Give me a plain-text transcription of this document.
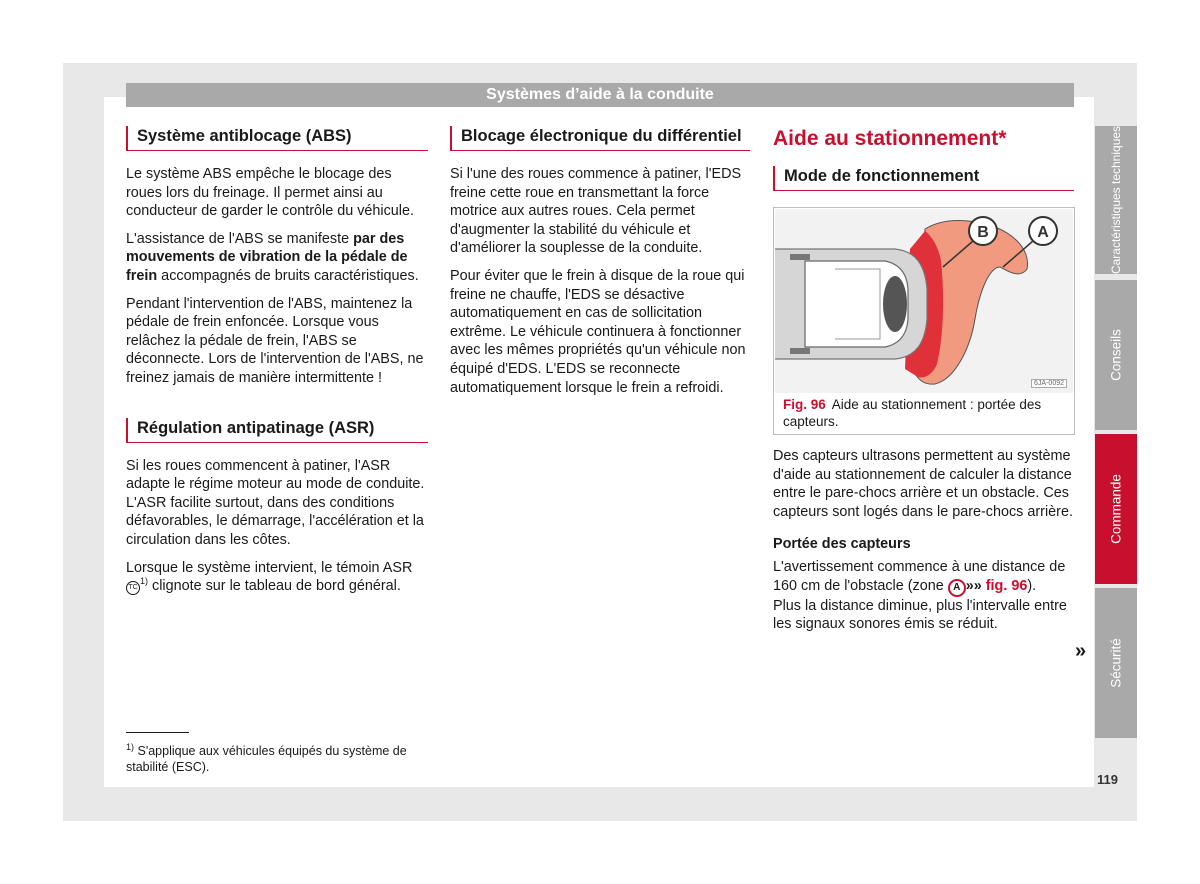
Systèmes d’aide à la conduite
Système antiblocage (ABS)

Le système ABS empêche le blocage des roues lors du freinage. Il permet ainsi au conducteur de garder le contrôle du véhicule.

L'assistance de l'ABS se manifeste par des mouvements de vibration de la pédale de frein accompagnés de bruits caractéristiques.

Pendant l'intervention de l'ABS, maintenez la pédale de frein enfoncée. Lorsque vous relâchez la pédale de frein, l'ABS se déconnecte. Lors de l'intervention de l'ABS, ne freinez jamais de manière intermittente !

Régulation antipatinage (ASR)

Si les roues commencent à patiner, l'ASR adapte le régime moteur au mode de conduite. L'ASR facilite surtout, dans des conditions défavorables, le démarrage, l'accélération et la circulation dans les côtes.

Lorsque le système intervient, le témoin ASR TC$^{1)}$ clignote sur le tableau de bord général.

$^{1)}$ S'applique aux véhicules équipés du système de stabilité (ESC).
Blocage électronique du différentiel

Si l'une des roues commence à patiner, l'EDS freine cette roue en transmettant la force motrice aux autres roues. Cela permet d'augmenter la stabilité du véhicule et d'améliorer la souplesse de la conduite.

Pour éviter que le frein à disque de la roue qui freine ne chauffe, l'EDS se désactive automatiquement en cas de sollicitation extrême. Le véhicule continuera à fonctionner avec les mêmes propriétés qu'un véhicule non équipé d'EDS. L'EDS se reconnecte automatiquement lorsque le frein a refroidi.

Aide au stationnement*
Mode de fonctionnement
B	A
6JA-0092
Fig. 96 Aide au stationnement : portée des capteurs.

Des capteurs ultrasons permettent au système d'aide au stationnement de calculer la distance entre le pare-chocs arrière et un obstacle. Ces capteurs sont logés dans le pare-chocs arrière.

Portée des capteurs

L'avertissement commence à une distance de 160 cm de l'obstacle (zone A »» fig. 96).

Plus la distance diminue, plus l'intervalle entre les signaux sonores émis se réduit.

»
Caractéristiques techniques
Conseils
Commande
Sécurité
119
